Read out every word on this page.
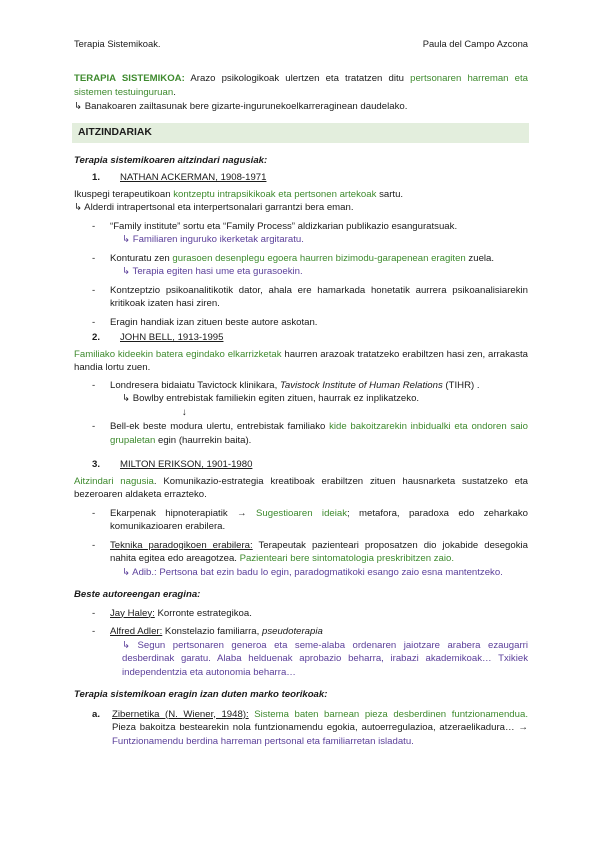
Terapia Sistemikoak.	Paula del Campo Azcona
TERAPIA SISTEMIKOA: Arazo psikologikoak ulertzen eta tratatzen ditu pertsonaren harreman eta sistemen testuinguruan.
↳ Banakoaren zailtasunak bere gizarte-ingurunekoelkarreraginean daudelako.
AITZINDARIAK
Terapia sistemikoaren aitzindari nagusiak:
1. NATHAN ACKERMAN, 1908-1971
Ikuspegi terapeutikoan kontzeptu intrapsikikoak eta pertsonen artekoak sartu.
↳ Alderdi intrapertsonal eta interpertsonalari garrantzi bera eman.
- “Family institute” sortu eta “Family Process” aldizkarian publikazio esanguratsuak.
↳ Familiaren inguruko ikerketak argitaratu.
- Konturatu zen gurasoen desenplegu egoera haurren bizimodu-garapenean eragiten zuela.
↳ Terapia egiten hasi ume eta gurasoekin.
- Kontzeptzio psikoanalitikotik dator, ahala ere hamarkada honetatik aurrera psikoanalisiarekin kritikoak izaten hasi ziren.
- Eragin handiak izan zituen beste autore askotan.
2. JOHN BELL, 1913-1995
Familiako kideekin batera egindako elkarrizketak haurren arazoak tratatzeko erabiltzen hasi zen, arrakasta handia lortu zuen.
- Londresera bidaiatu Tavictock klinikara, Tavistock Institute of Human Relations (TIHR) .
↳ Bowlby entrebistak familiekin egiten zituen, haurrak ez inplikatzeko.
↓
- Bell-ek beste modura ulertu, entrebistak familiako kide bakoitzarekin inbidualki eta ondoren saio grupaletan egin (haurrekin baita).
3. MILTON ERIKSON, 1901-1980
Aitzindari nagusia. Komunikazio-estrategia kreatiboak erabiltzen zituen hausnarketa sustatzeko eta bezeroaren aldaketa errazteko.
- Ekarpenak hipnoterapiatik → Sugestioaren ideiak; metafora, paradoxa edo zeharkako komunikazioaren erabilera.
- Teknika paradogikoen erabilera: Terapeutak pazienteari proposatzen dio jokabide desegokia nahita egitea edo areagotzea. Pazienteari bere sintomatologia preskribitzen zaio.
↳ Adib.: Pertsona bat ezin badu lo egin, paradogmatikoki esango zaio esna mantentzeko.
Beste autoreengan eragina:
- Jay Haley: Korronte estrategikoa.
- Alfred Adler: Konstelazio familiarra, pseudoterapia

↳ Segun pertsonaren generoa eta seme-alaba ordenaren jaiotzare arabera ezaugarri desberdinak garatu. Alaba helduenak aprobazio beharra, irabazi akademikoak… Txikiek independentzia eta autonomia beharra…
Terapia sistemikoan eragin izan duten marko teorikoak:
a. Zibernetika (N. Wiener, 1948): Sistema baten barnean pieza desberdinen funtzionamendua. Pieza bakoitza bestearekin nola funtzionamendu egokia, autoerregulazioa, atzeraelikadura… → Funtzionamendu berdina harreman pertsonal eta familiarretan isladatu.
